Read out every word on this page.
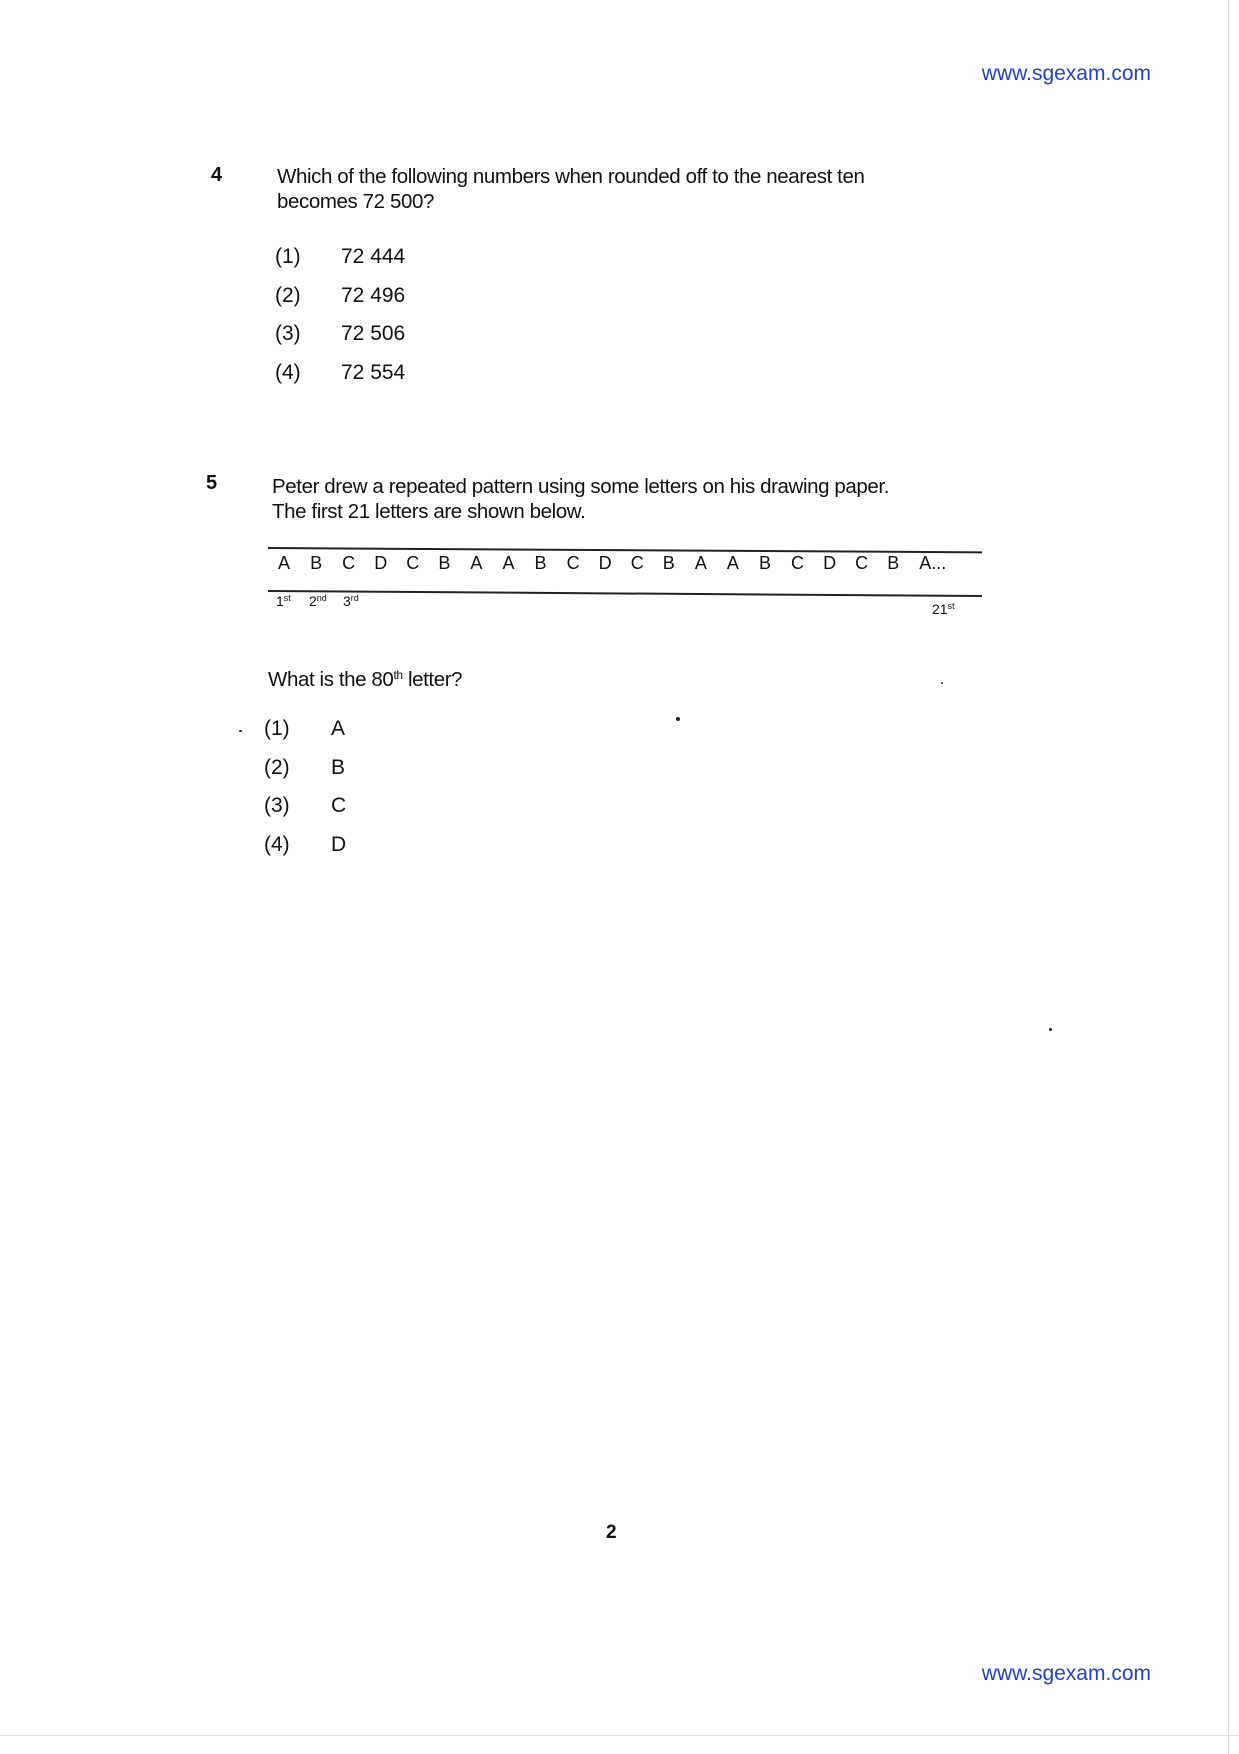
www.sgexam.com
4	Which of the following numbers when rounded off to the nearest ten

becomes 72 500?

(1) 72 444
(2) 72 496
(3) 72 506
(4) 72 554
5	Peter drew a repeated pattern using some letters on his drawing paper.

The first 21 letters are shown below.

A	B	C	D	C	B	A	A	B	C	D	C	B	A	A	B	C	D	C	B	A...
1st 2nd 3rd
21st
What is the 80th letter?
(1) A
(2) B
(3) C
(4) D
2
www.sgexam.com
